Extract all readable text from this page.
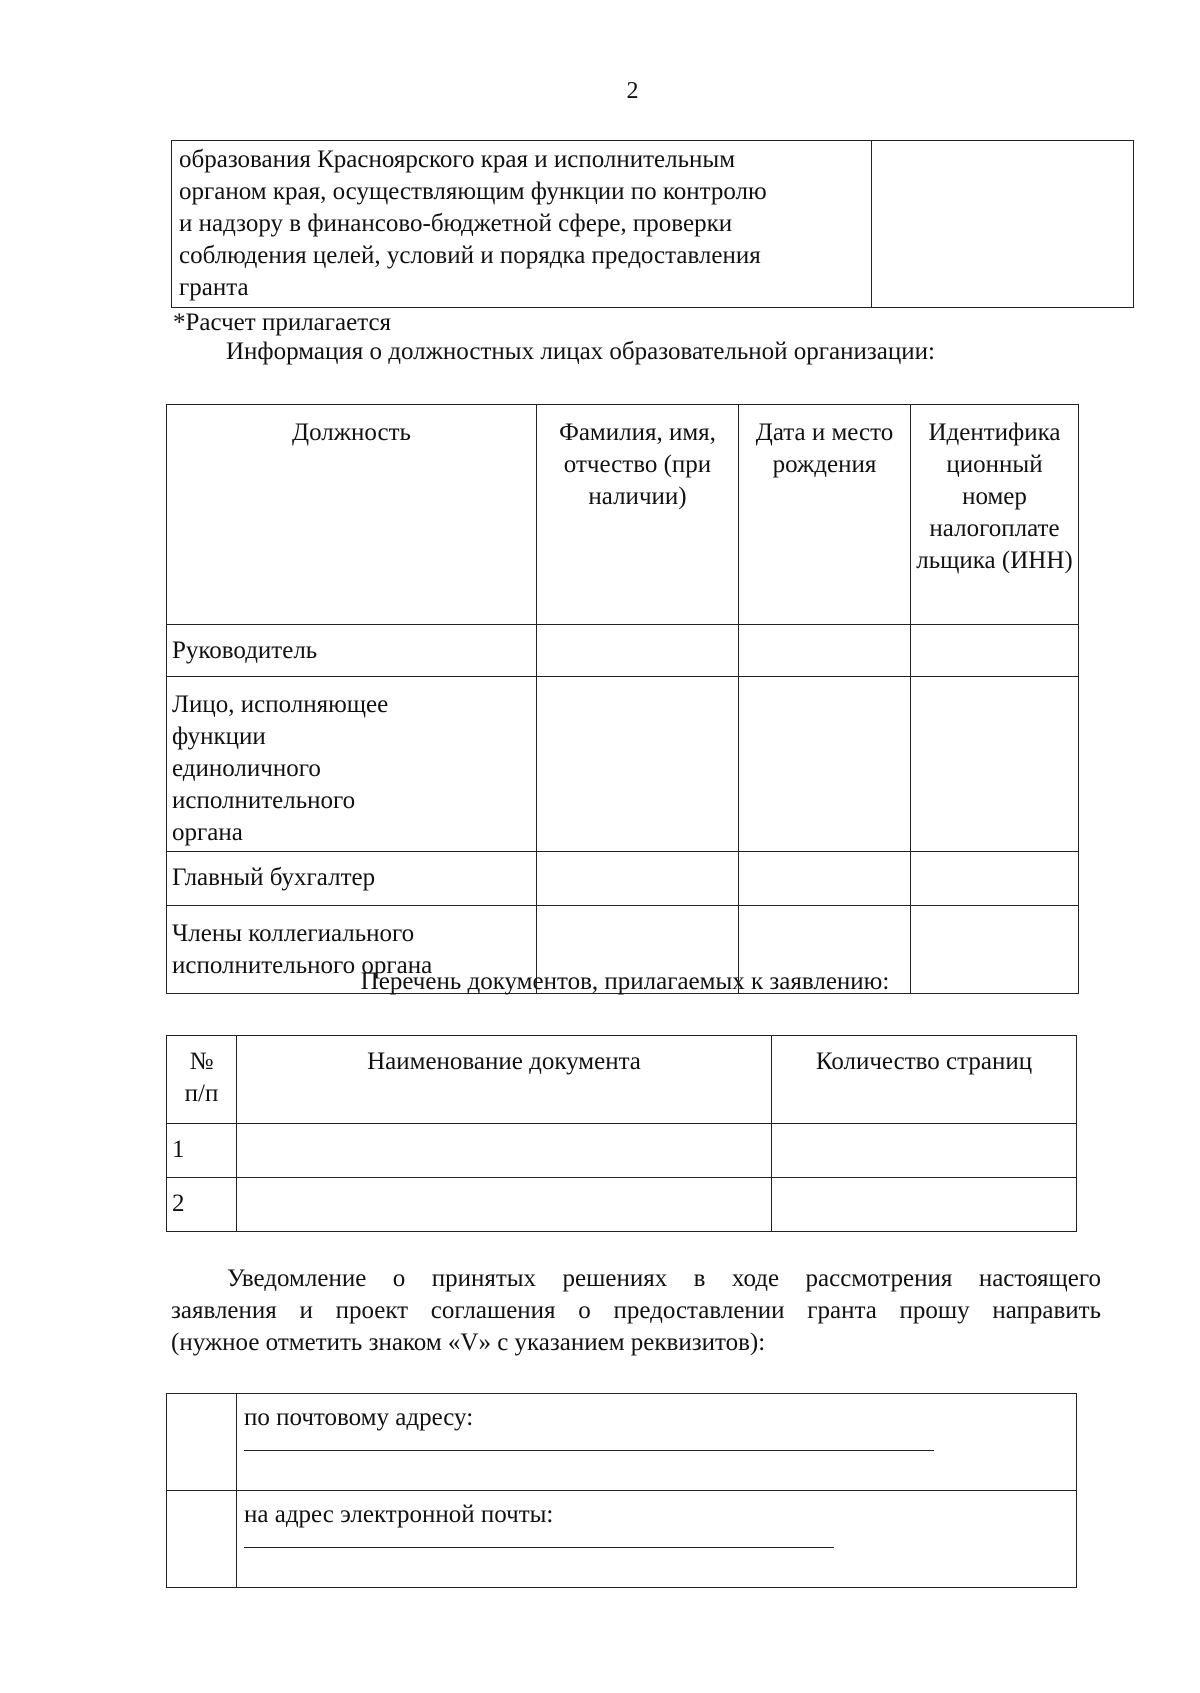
2
образования Красноярского края и исполнительным
органом края, осуществляющим функции по контролю
и надзору в финансово-бюджетной сфере, проверки
соблюдения целей, условий и порядка предоставления
гранта

*Расчет прилагается
Информация о должностных лицах образовательной организации:
Должность	Фамилия, имя, отчество (при наличии)	Дата и место рождения	Идентифика ционный номер налогоплате льщика (ИНН)
Руководитель			
Лицо, исполняющее функции единоличного исполнительного органа			
Главный бухгалтер			
Члены коллегиального исполнительного органа			
Перечень документов, прилагаемых к заявлению:
№ п/п	Наименование документа	Количество страниц
1		
2		
Уведомление о принятых решениях в ходе рассмотрения настоящего
заявления и проект соглашения о предоставлении гранта прошу направить
(нужное отметить знаком «V» с указанием реквизитов):

	по почтовому адресу:

	на адрес электронной почты:
